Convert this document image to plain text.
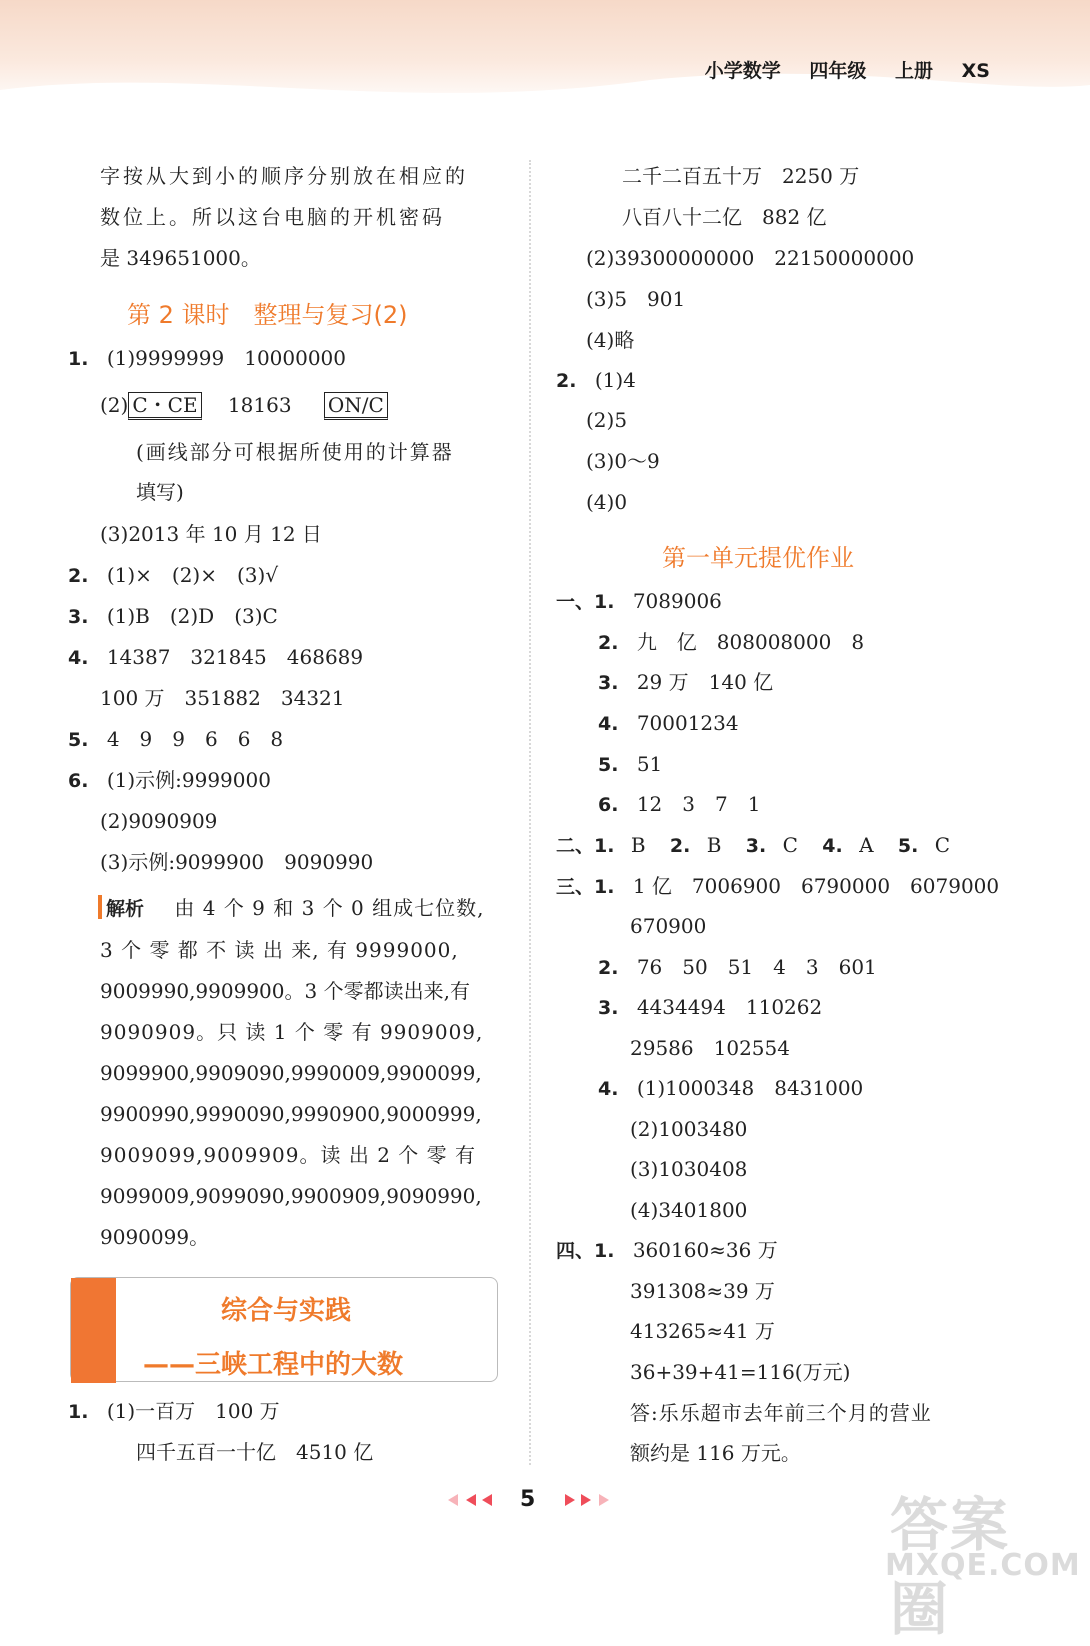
小学数学 四年级 上册 XS
字按从大到小的顺序分别放在相应的
数位上。所以这台电脑的开机密码
是 349651000。
第 2 课时　整理与复习(2)
1. (1)9999999　10000000
(2) C・CE 18163 ON/C
(画线部分可根据所使用的计算器
填写)
(3)2013 年 10 月 12 日
2. (1)×　(2)×　(3)√
3. (1)B　(2)D　(3)C
4. 14387　321845　468689
100 万　351882　34321
5. 4　9　9　6　6　8
6. (1)示例:9999000
(2)9090909
(3)示例:9099900　9090990
解析 由 4 个 9 和 3 个 0 组成七位数,
3 个 零 都 不 读 出 来, 有 9999000,
9009990,9909900。3 个零都读出来,有
9090909。只 读 1 个 零 有 9909009,
9099900,9909090,9990009,9900099,
9900990,9990090,9990900,9000999,
9009099,9009909。读 出 2 个 零 有
9099009,9099090,9900909,9090990,
9090099。
综合与实践
——三峡工程中的大数
1. (1)一百万　100 万
四千五百一十亿　4510 亿
二千二百五十万　2250 万
八百八十二亿　882 亿
(2)39300000000　22150000000
(3)5　901
(4)略
2. (1)4
(2)5
(3)0～9
(4)0
第一单元提优作业
一、1. 7089006
2. 九　亿　808008000　8
3. 29 万　140 亿
4. 70001234
5. 51
6. 12　3　7　1
二、1. B 2. B 3. C 4. A 5. C
三、1. 1 亿　7006900　6790000　6079000
670900
2. 76　50　51　4　3　601
3. 4434494　110262
29586　102554
4. (1)1000348　8431000
(2)1003480
(3)1030408
(4)3401800
四、1. 360160≈36 万
391308≈39 万
413265≈41 万
36+39+41=116(万元)
答:乐乐超市去年前三个月的营业
额约是 116 万元。
5	答案圈
MXQE.COM
